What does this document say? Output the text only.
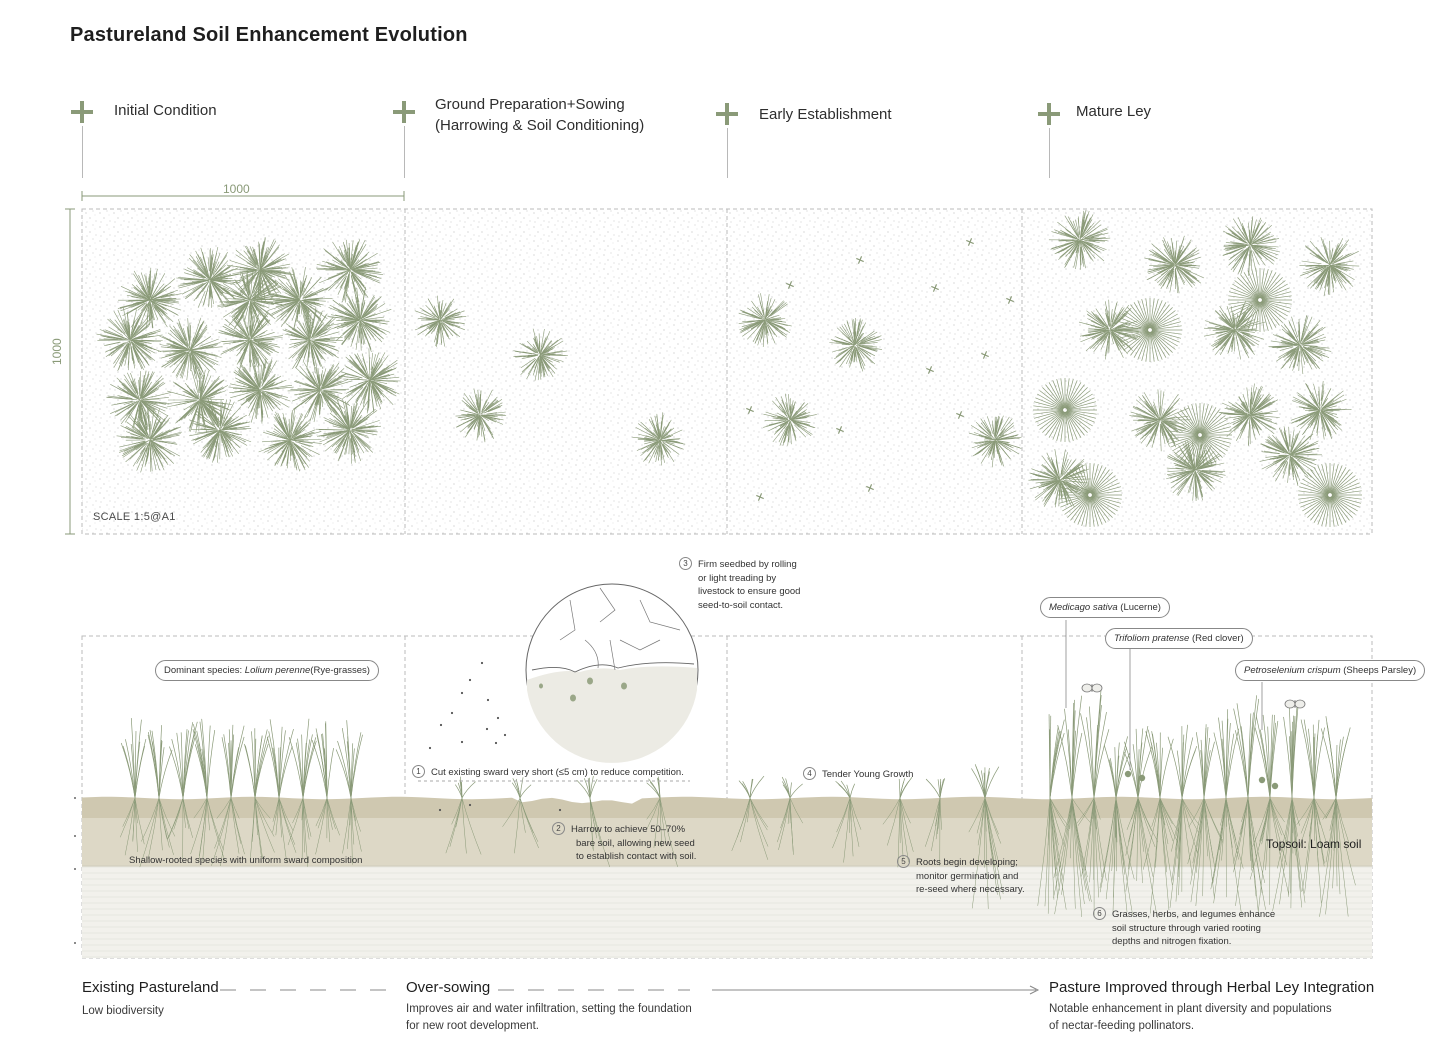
Pastureland Soil Enhancement Evolution
Initial Condition	Ground Preparation+Sowing
(Harrowing & Soil Conditioning)
Early Establishment	Mature Ley
1000
1000
SCALE 1:5@A1
Dominant species: Lolium perenne(Rye-grasses)
Shallow-rooted species with uniform sward composition
Topsoil: Loam soil
Medicago sativa (Lucerne)
Trifoliom pratense (Red clover)
Petroselenium crispum (Sheeps Parsley)
1 Cut existing sward very short (≤5 cm) to reduce competition.
2 Harrow to achieve 50–70%
bare soil, allowing new seed
to establish contact with soil.
3 Firm seedbed by rolling
or light treading by
livestock to ensure good
seed-to-soil contact.
4 Tender Young Growth
5 Roots begin developing;
monitor germination and
re-seed where necessary.
6 Grasses, herbs, and legumes enhance
soil structure through varied rooting
depths and nitrogen fixation.
Existing Pastureland
Low biodiversity
Over-sowing
Improves air and water infiltration, setting the foundation
for new root development.
Pasture Improved through Herbal Ley Integration
Notable enhancement in plant diversity and populations
of nectar-feeding pollinators.
